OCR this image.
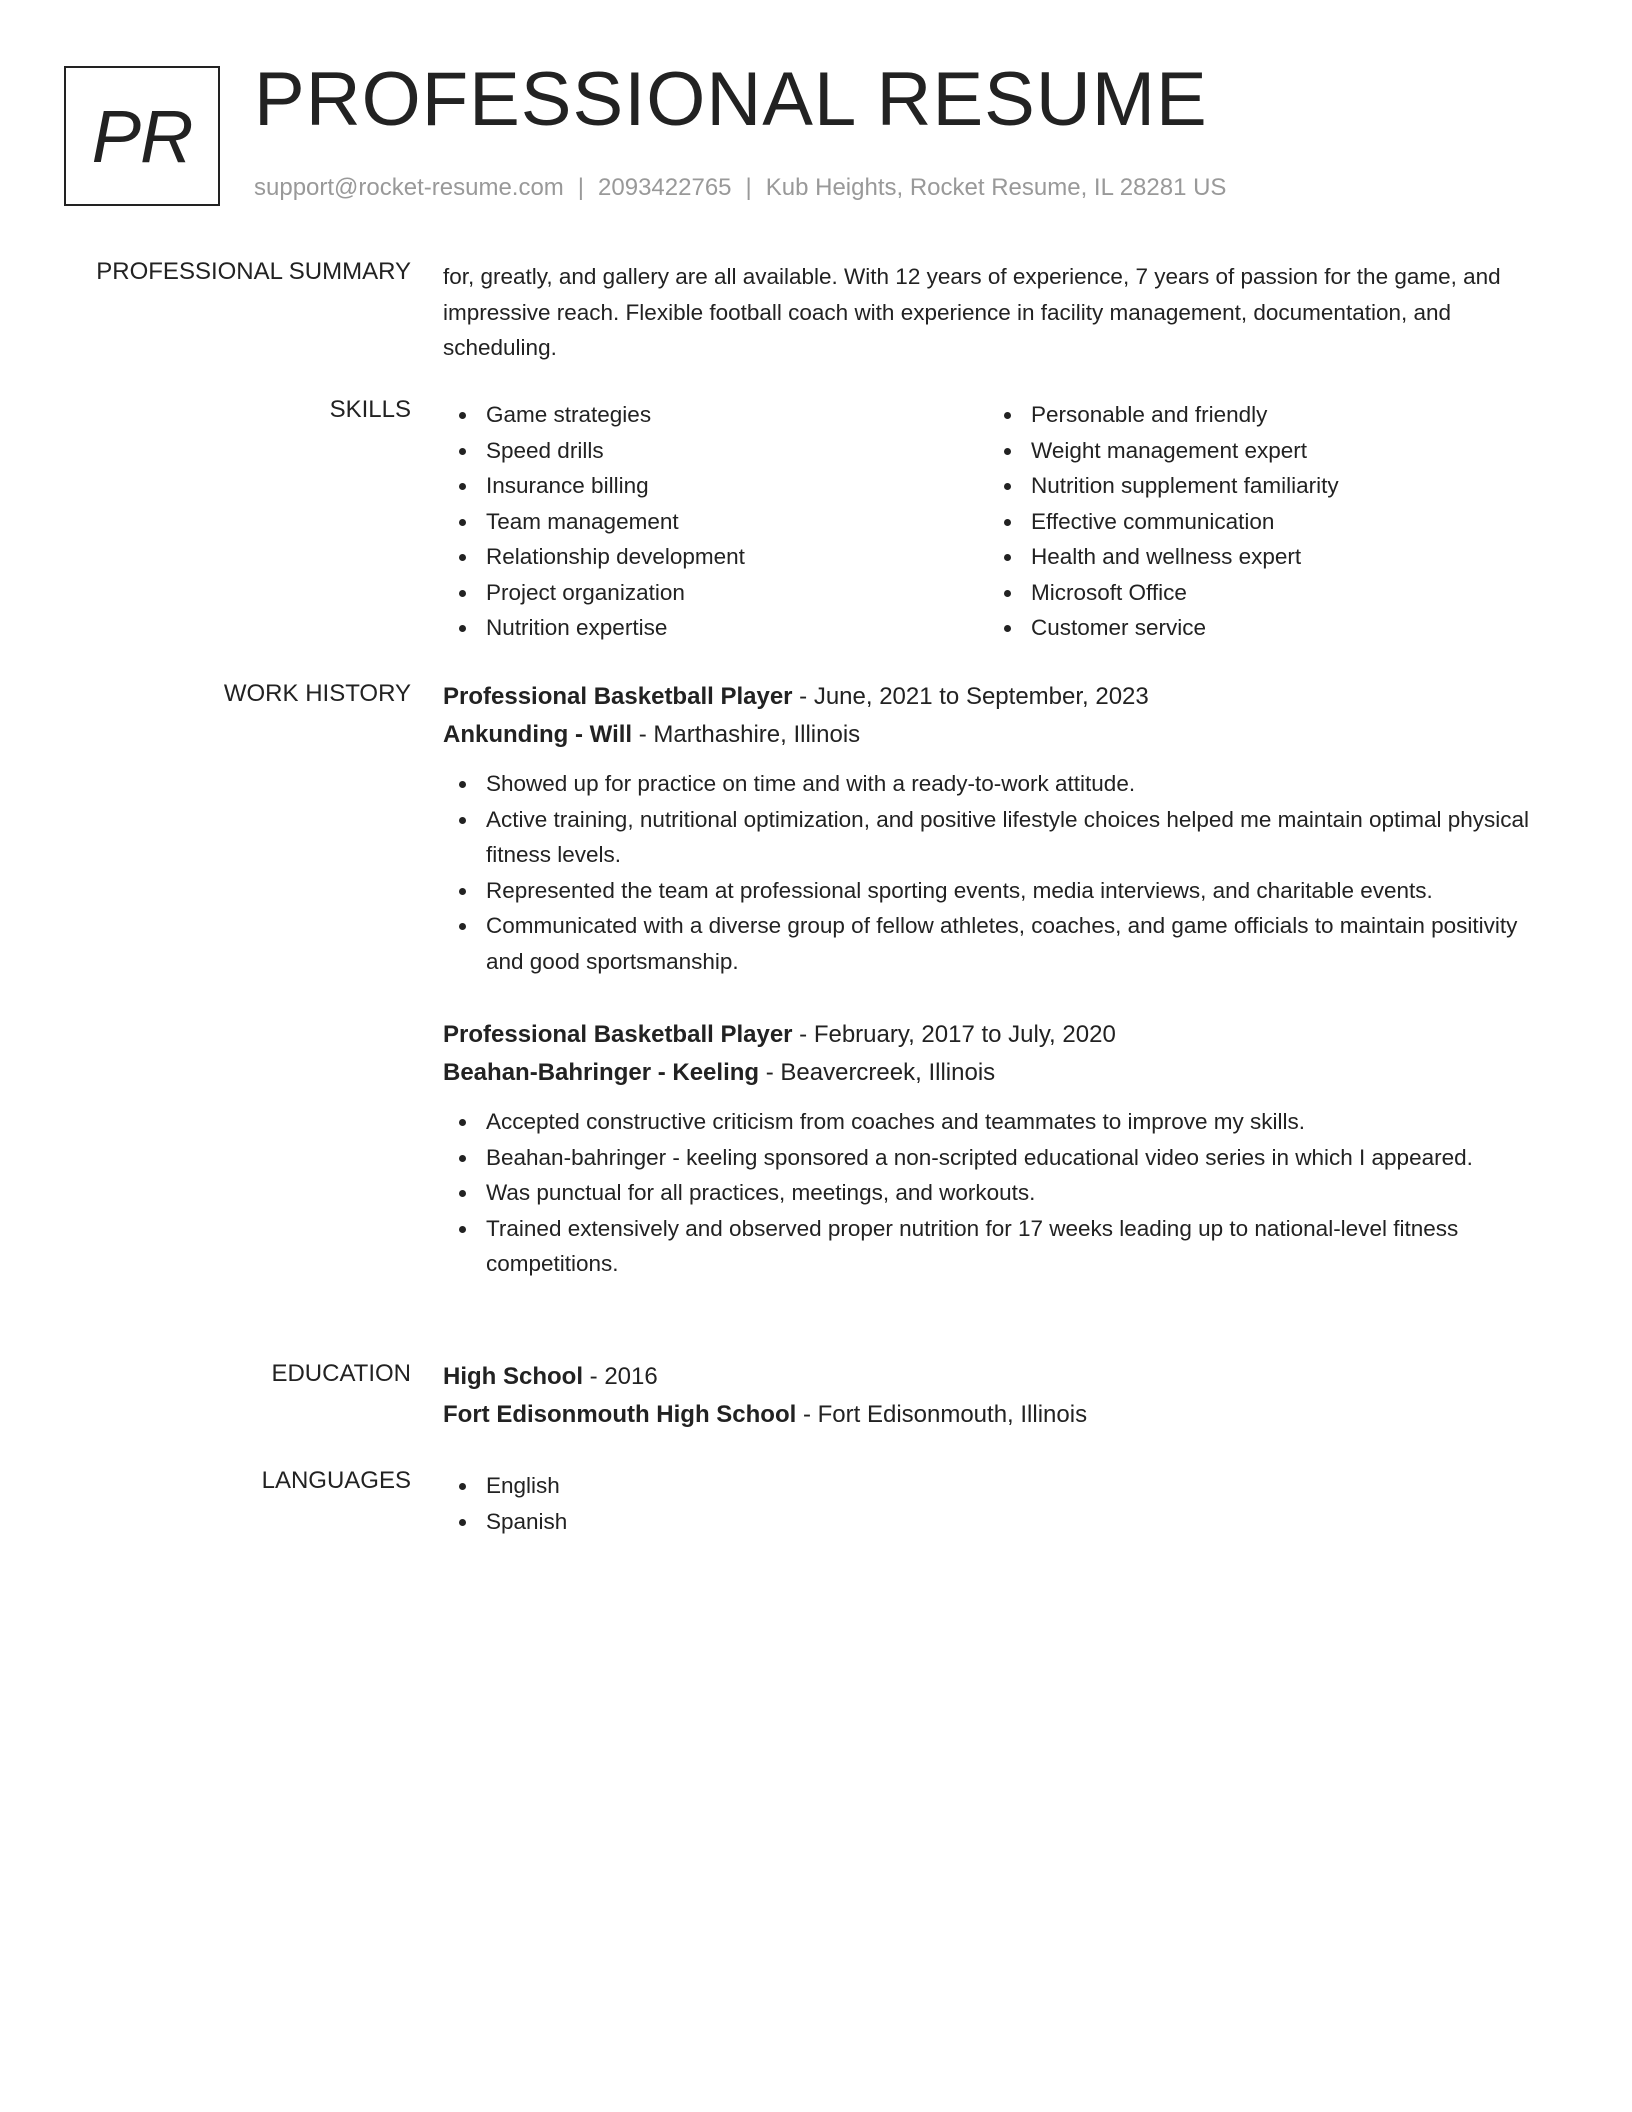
PR PROFESSIONAL RESUME
support@rocket-resume.com | 2093422765 | Kub Heights, Rocket Resume, IL 28281 US
PROFESSIONAL SUMMARY for, greatly, and gallery are all available. With 12 years of experience, 7 years of passion for the game, and impressive reach. Flexible football coach with experience in facility management, documentation, and scheduling.

SKILLS	Game strategies
Speed drills
Insurance billing
Team management
Relationship development
Project organization
Nutrition expertise
Personable and friendly
Weight management expert
Nutrition supplement familiarity
Effective communication
Health and wellness expert
Microsoft Office
Customer service
WORK HISTORY Professional Basketball Player - June, 2021 to September, 2023
Ankunding - Will - Marthashire, Illinois
Showed up for practice on time and with a ready-to-work attitude.
Active training, nutritional optimization, and positive lifestyle choices helped me maintain optimal physical fitness levels.
Represented the team at professional sporting events, media interviews, and charitable events.
Communicated with a diverse group of fellow athletes, coaches, and game officials to maintain positivity and good sportsmanship.
Professional Basketball Player - February, 2017 to July, 2020
Beahan-Bahringer - Keeling - Beavercreek, Illinois
Accepted constructive criticism from coaches and teammates to improve my skills.
Beahan-bahringer - keeling sponsored a non-scripted educational video series in which I appeared.
Was punctual for all practices, meetings, and workouts.
Trained extensively and observed proper nutrition for 17 weeks leading up to national-level fitness competitions.
EDUCATION High School - 2016
Fort Edisonmouth High School - Fort Edisonmouth, Illinois
LANGUAGES	English
Spanish
